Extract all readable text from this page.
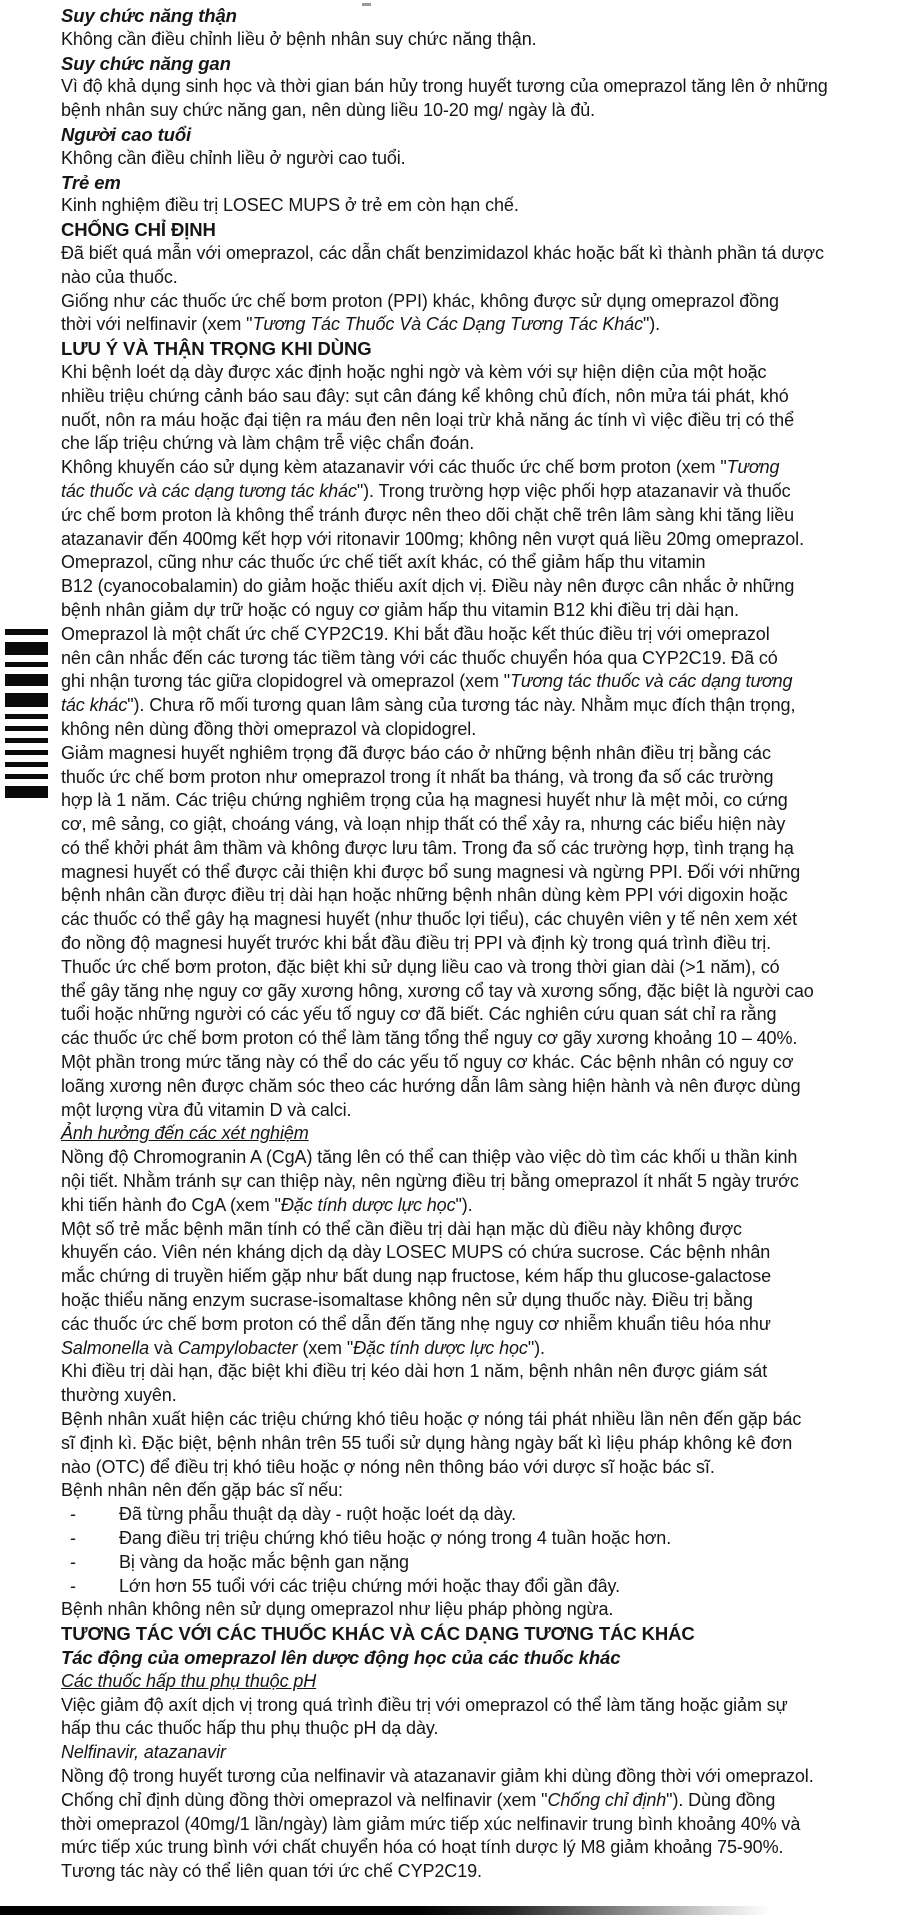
Suy chức năng thận
Không cần điều chỉnh liều ở bệnh nhân suy chức năng thận.
Suy chức năng gan
Vì độ khả dụng sinh học và thời gian bán hủy trong huyết tương của omeprazol tăng lên ở những
bệnh nhân suy chức năng gan, nên dùng liều 10-20 mg/ ngày là đủ.
Người cao tuổi
Không cần điều chỉnh liều ở người cao tuổi.
Trẻ em
Kinh nghiệm điều trị LOSEC MUPS ở trẻ em còn hạn chế.
CHỐNG CHỈ ĐỊNH
Đã biết quá mẫn với omeprazol, các dẫn chất benzimidazol khác hoặc bất kì thành phần tá dược
nào của thuốc.
Giống như các thuốc ức chế bơm proton (PPI) khác, không được sử dụng omeprazol đồng
thời với nelfinavir (xem "Tương Tác Thuốc Và Các Dạng Tương Tác Khác").
LƯU Ý VÀ THẬN TRỌNG KHI DÙNG
Khi bệnh loét dạ dày được xác định hoặc nghi ngờ và kèm với sự hiện diện của một hoặc
nhiều triệu chứng cảnh báo sau đây: sụt cân đáng kể không chủ đích, nôn mửa tái phát, khó
nuốt, nôn ra máu hoặc đại tiện ra máu đen nên loại trừ khả năng ác tính vì việc điều trị có thể
che lấp triệu chứng và làm chậm trễ việc chẩn đoán.
Không khuyến cáo sử dụng kèm atazanavir với các thuốc ức chế bơm proton (xem "Tương
tác thuốc và các dạng tương tác khác"). Trong trường hợp việc phối hợp atazanavir và thuốc
ức chế bơm proton là không thể tránh được nên theo dõi chặt chẽ trên lâm sàng khi tăng liều
atazanavir đến 400mg kết hợp với ritonavir 100mg; không nên vượt quá liều 20mg omeprazol.
Omeprazol, cũng như các thuốc ức chế tiết axít khác, có thể giảm hấp thu vitamin
B12 (cyanocobalamin) do giảm hoặc thiếu axít dịch vị. Điều này nên được cân nhắc ở những
bệnh nhân giảm dự trữ hoặc có nguy cơ giảm hấp thu vitamin B12 khi điều trị dài hạn.
Omeprazol là một chất ức chế CYP2C19. Khi bắt đầu hoặc kết thúc điều trị với omeprazol
nên cân nhắc đến các tương tác tiềm tàng với các thuốc chuyển hóa qua CYP2C19. Đã có
ghi nhận tương tác giữa clopidogrel và omeprazol (xem "Tương tác thuốc và các dạng tương
tác khác"). Chưa rõ mối tương quan lâm sàng của tương tác này. Nhằm mục đích thận trọng,
không nên dùng đồng thời omeprazol và clopidogrel.
Giảm magnesi huyết nghiêm trọng đã được báo cáo ở những bệnh nhân điều trị bằng các
thuốc ức chế bơm proton như omeprazol trong ít nhất ba tháng, và trong đa số các trường
hợp là 1 năm. Các triệu chứng nghiêm trọng của hạ magnesi huyết như là mệt mỏi, co cứng
cơ, mê sảng, co giật, choáng váng, và loạn nhịp thất có thể xảy ra, nhưng các biểu hiện này
có thể khởi phát âm thầm và không được lưu tâm. Trong đa số các trường hợp, tình trạng hạ
magnesi huyết có thể được cải thiện khi được bổ sung magnesi và ngừng PPI. Đối với những
bệnh nhân cần được điều trị dài hạn hoặc những bệnh nhân dùng kèm PPI với digoxin hoặc
các thuốc có thể gây hạ magnesi huyết (như thuốc lợi tiểu), các chuyên viên y tế nên xem xét
đo nồng độ magnesi huyết trước khi bắt đầu điều trị PPI và định kỳ trong quá trình điều trị.
Thuốc ức chế bơm proton, đặc biệt khi sử dụng liều cao và trong thời gian dài (>1 năm), có
thể gây tăng nhẹ nguy cơ gãy xương hông, xương cổ tay và xương sống, đặc biệt là người cao
tuổi hoặc những người có các yếu tố nguy cơ đã biết. Các nghiên cứu quan sát chỉ ra rằng
các thuốc ức chế bơm proton có thể làm tăng tổng thể nguy cơ gãy xương khoảng 10 – 40%.
Một phần trong mức tăng này có thể do các yếu tố nguy cơ khác. Các bệnh nhân có nguy cơ
loãng xương nên được chăm sóc theo các hướng dẫn lâm sàng hiện hành và nên được dùng
một lượng vừa đủ vitamin D và calci.
Ảnh hưởng đến các xét nghiệm
Nồng độ Chromogranin A (CgA) tăng lên có thể can thiệp vào việc dò tìm các khối u thần kinh
nội tiết. Nhằm tránh sự can thiệp này, nên ngừng điều trị bằng omeprazol ít nhất 5 ngày trước
khi tiến hành đo CgA (xem "Đặc tính dược lực học").
Một số trẻ mắc bệnh mãn tính có thể cần điều trị dài hạn mặc dù điều này không được
khuyến cáo. Viên nén kháng dịch dạ dày LOSEC MUPS có chứa sucrose. Các bệnh nhân
mắc chứng di truyền hiếm gặp như bất dung nạp fructose, kém hấp thu glucose-galactose
hoặc thiểu năng enzym sucrase-isomaltase không nên sử dụng thuốc này. Điều trị bằng
các thuốc ức chế bơm proton có thể dẫn đến tăng nhẹ nguy cơ nhiễm khuẩn tiêu hóa như
Salmonella và Campylobacter (xem "Đặc tính dược lực học").
Khi điều trị dài hạn, đặc biệt khi điều trị kéo dài hơn 1 năm, bệnh nhân nên được giám sát
thường xuyên.
Bệnh nhân xuất hiện các triệu chứng khó tiêu hoặc ợ nóng tái phát nhiều lần nên đến gặp bác
sĩ định kì. Đặc biệt, bệnh nhân trên 55 tuổi sử dụng hàng ngày bất kì liệu pháp không kê đơn
nào (OTC) để điều trị khó tiêu hoặc ợ nóng nên thông báo với dược sĩ hoặc bác sĩ.
Bệnh nhân nên đến gặp bác sĩ nếu:
- Đã từng phẫu thuật dạ dày - ruột hoặc loét dạ dày.
- Đang điều trị triệu chứng khó tiêu hoặc ợ nóng trong 4 tuần hoặc hơn.
- Bị vàng da hoặc mắc bệnh gan nặng
- Lớn hơn 55 tuổi với các triệu chứng mới hoặc thay đổi gần đây.
Bệnh nhân không nên sử dụng omeprazol như liệu pháp phòng ngừa.
TƯƠNG TÁC VỚI CÁC THUỐC KHÁC VÀ CÁC DẠNG TƯƠNG TÁC KHÁC
Tác động của omeprazol lên dược động học của các thuốc khác
Các thuốc hấp thu phụ thuộc pH
Việc giảm độ axít dịch vị trong quá trình điều trị với omeprazol có thể làm tăng hoặc giảm sự
hấp thu các thuốc hấp thu phụ thuộc pH dạ dày.
Nelfinavir, atazanavir
Nồng độ trong huyết tương của nelfinavir và atazanavir giảm khi dùng đồng thời với omeprazol.
Chống chỉ định dùng đồng thời omeprazol và nelfinavir (xem "Chống chỉ định"). Dùng đồng
thời omeprazol (40mg/1 lần/ngày) làm giảm mức tiếp xúc nelfinavir trung bình khoảng 40% và
mức tiếp xúc trung bình với chất chuyển hóa có hoạt tính dược lý M8 giảm khoảng 75-90%.
Tương tác này có thể liên quan tới ức chế CYP2C19.
